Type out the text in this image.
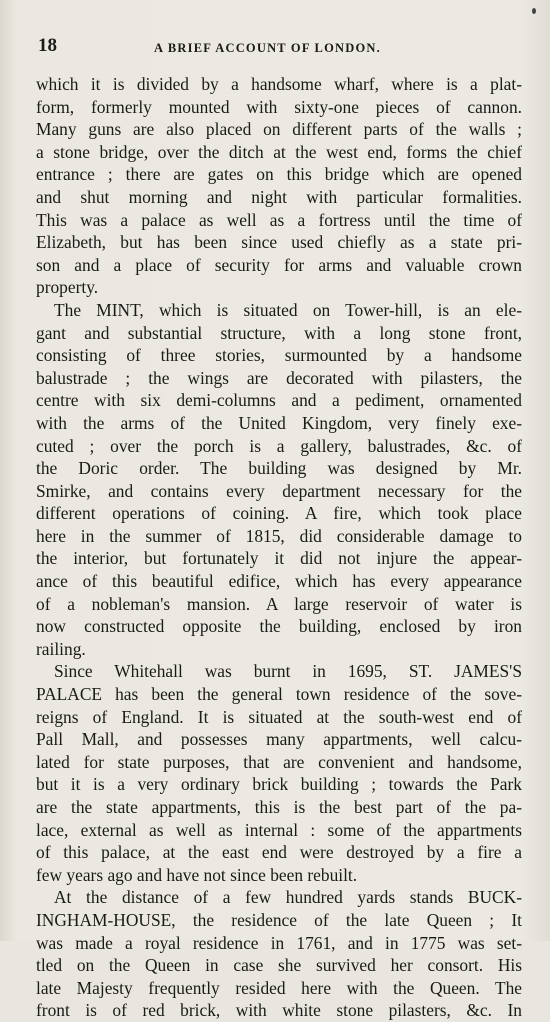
18	A BRIEF ACCOUNT OF LONDON.
which it is divided by a handsome wharf, where is a plat-
form, formerly mounted with sixty-one pieces of cannon.
Many guns are also placed on different parts of the walls ;
a stone bridge, over the ditch at the west end, forms the chief
entrance ; there are gates on this bridge which are opened
and shut morning and night with particular formalities.
This was a palace as well as a fortress until the time of
Elizabeth, but has been since used chiefly as a state pri-
son and a place of security for arms and valuable crown
property.
The MINT, which is situated on Tower-hill, is an ele-
gant and substantial structure, with a long stone front,
consisting of three stories, surmounted by a handsome
balustrade ; the wings are decorated with pilasters, the
centre with six demi-columns and a pediment, ornamented
with the arms of the United Kingdom, very finely exe-
cuted ; over the porch is a gallery, balustrades, &c. of
the Doric order. The building was designed by Mr.
Smirke, and contains every department necessary for the
different operations of coining. A fire, which took place
here in the summer of 1815, did considerable damage to
the interior, but fortunately it did not injure the appear-
ance of this beautiful edifice, which has every appearance
of a nobleman's mansion. A large reservoir of water is
now constructed opposite the building, enclosed by iron
railing.
Since Whitehall was burnt in 1695, ST. JAMES'S
PALACE has been the general town residence of the sove-
reigns of England. It is situated at the south-west end of
Pall Mall, and possesses many appartments, well calcu-
lated for state purposes, that are convenient and handsome,
but it is a very ordinary brick building ; towards the Park
are the state appartments, this is the best part of the pa-
lace, external as well as internal : some of the appartments
of this palace, at the east end were destroyed by a fire a
few years ago and have not since been rebuilt.
At the distance of a few hundred yards stands BUCK-
INGHAM-HOUSE, the residence of the late Queen ; It
was made a royal residence in 1761, and in 1775 was set-
tled on the Queen in case she survived her consort. His
late Majesty frequently resided here with the Queen. The
front is of red brick, with white stone pilasters, &c. In
